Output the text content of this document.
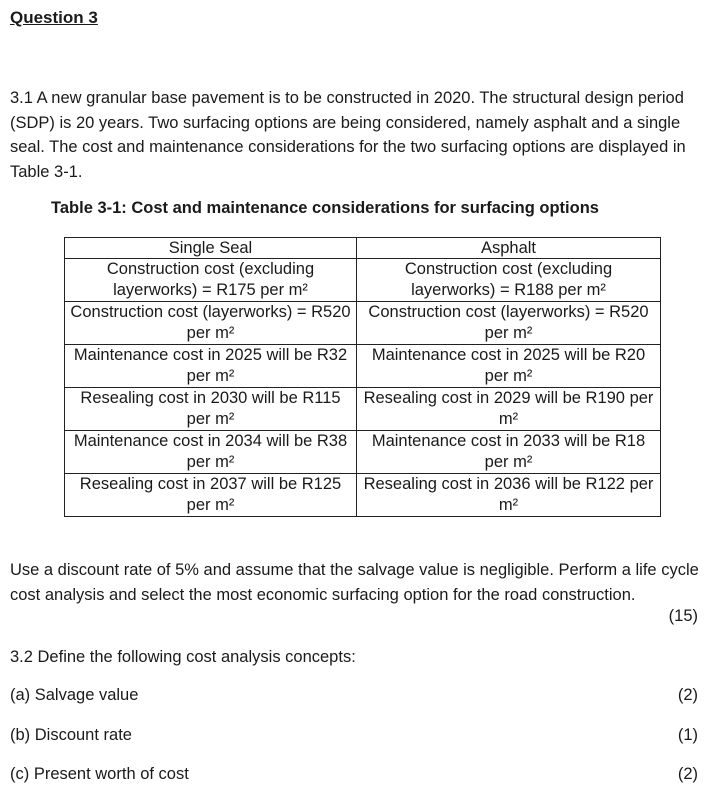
Question 3

3.1 A new granular base pavement is to be constructed in 2020. The structural design period (SDP) is 20 years. Two surfacing options are being considered, namely asphalt and a single seal. The cost and maintenance considerations for the two surfacing options are displayed in Table 3-1.

Table 3-1: Cost and maintenance considerations for surfacing options
Single Seal	Asphalt
Construction cost (excluding layerworks) = R175 per m²	Construction cost (excluding layerworks) = R188 per m²
Construction cost (layerworks) = R520 per m²	Construction cost (layerworks) = R520 per m²
Maintenance cost in 2025 will be R32 per m²	Maintenance cost in 2025 will be R20 per m²
Resealing cost in 2030 will be R115 per m²	Resealing cost in 2029 will be R190 per m²
Maintenance cost in 2034 will be R38 per m²	Maintenance cost in 2033 will be R18 per m²
Resealing cost in 2037 will be R125 per m²	Resealing cost in 2036 will be R122 per m²

Use a discount rate of 5% and assume that the salvage value is negligible. Perform a life cycle cost analysis and select the most economic surfacing option for the road construction.

(15)
3.2 Define the following cost analysis concepts:
(a) Salvage value	(2)
(b) Discount rate	(1)
(c) Present worth of cost	(2)
